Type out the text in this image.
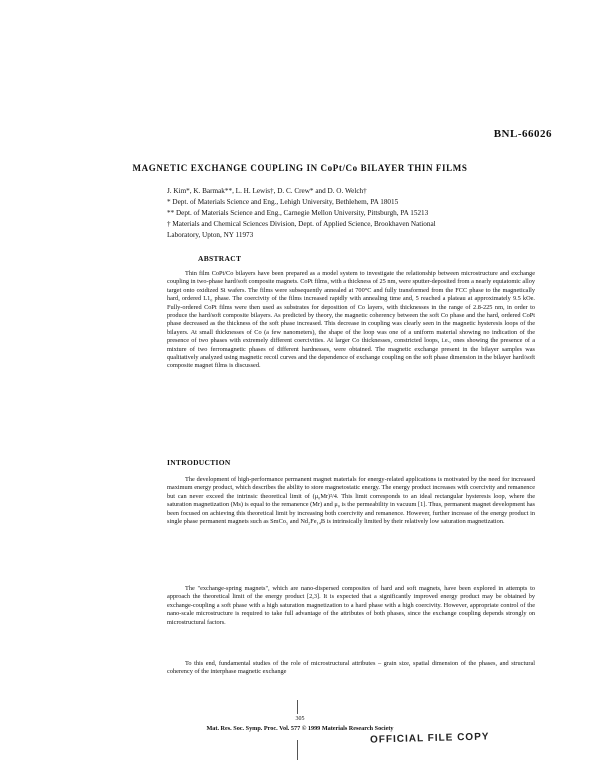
BNL-66026
MAGNETIC EXCHANGE COUPLING IN CoPt/Co BILAYER THIN FILMS
J. Kim*, K. Barmak**, L. H. Lewis†, D. C. Crew* and D. O. Welch†
* Dept. of Materials Science and Eng., Lehigh University, Bethlehem, PA 18015
** Dept. of Materials Science and Eng., Carnegie Mellon University, Pittsburgh, PA 15213
† Materials and Chemical Sciences Division, Dept. of Applied Science, Brookhaven National
Laboratory, Upton, NY 11973
ABSTRACT

Thin film CoPt/Co bilayers have been prepared as a model system to investigate the relationship between microstructure and exchange coupling in two-phase hard/soft composite magnets. CoPt films, with a thickness of 25 nm, were sputter-deposited from a nearly equiatomic alloy target onto oxidized Si wafers. The films were subsequently annealed at 700°C and fully transformed from the FCC phase to the magnetically hard, ordered L1₀ phase. The coercivity of the films increased rapidly with annealing time and, 5 reached a plateau at approximately 9.5 kOe. Fully-ordered CoPt films were then used as substrates for deposition of Co layers, with thicknesses in the range of 2.8-225 nm, in order to produce the hard/soft composite bilayers. As predicted by theory, the magnetic coherency between the soft Co phase and the hard, ordered CoPt phase decreased as the thickness of the soft phase increased. This decrease in coupling was clearly seen in the magnetic hysteresis loops of the bilayers. At small thicknesses of Co (a few nanometers), the shape of the loop was one of a uniform material showing no indication of the presence of two phases with extremely different coercivities. At larger Co thicknesses, constricted loops, i.e., ones showing the presence of a mixture of two ferromagnetic phases of different hardnesses, were obtained. The magnetic exchange present in the bilayer samples was qualitatively analyzed using magnetic recoil curves and the dependence of exchange coupling on the soft phase dimension in the bilayer hard/soft composite magnet films is discussed.

INTRODUCTION

The development of high-performance permanent magnet materials for energy-related applications is motivated by the need for increased maximum energy product, which describes the ability to store magnetostatic energy. The energy product increases with coercivity and remanence but can never exceed the intrinsic theoretical limit of (μ₀Mr)²/4. This limit corresponds to an ideal rectangular hysteresis loop, where the saturation magnetization (Ms) is equal to the remanence (Mr) and μ₀ is the permeability in vacuum [1]. Thus, permanent magnet development has been focused on achieving this theoretical limit by increasing both coercivity and remanence. However, further increase of the energy product in single phase permanent magnets such as SmCo₅ and Nd₂Fe₁₄B is intrinsically limited by their relatively low saturation magnetization.

The "exchange-spring magnets", which are nano-dispersed composites of hard and soft magnets, have been explored in attempts to approach the theoretical limit of the energy product [2,3]. It is expected that a significantly improved energy product may be obtained by exchange-coupling a soft phase with a high saturation magnetization to a hard phase with a high coercivity. However, appropriate control of the nano-scale microstructure is required to take full advantage of the attributes of both phases, since the exchange coupling depends strongly on microstructural factors.

To this end, fundamental studies of the role of microstructural attributes – grain size, spatial dimension of the phases, and structural coherency of the interphase magnetic exchange

305
Mat. Res. Soc. Symp. Proc. Vol. 577 © 1999 Materials Research Society
OFFICIAL FILE COPY
